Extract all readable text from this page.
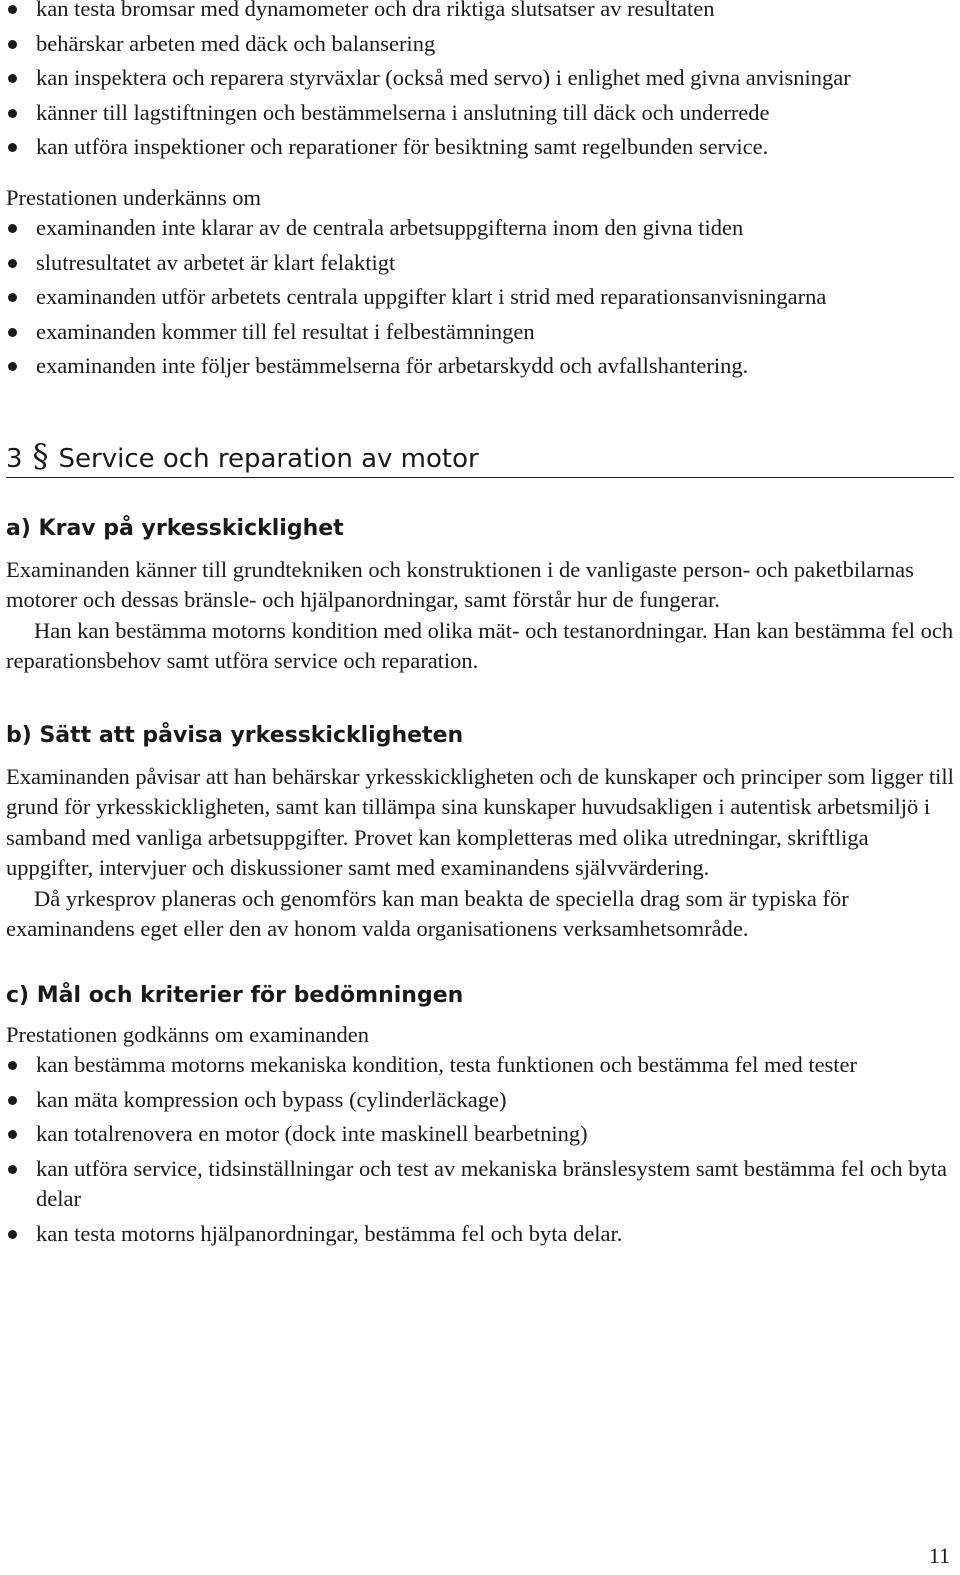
kan testa bromsar med dynamometer och dra riktiga slutsatser av resultaten
behärskar arbeten med däck och balansering
kan inspektera och reparera styrväxlar (också med servo) i enlighet med givna anvisningar
känner till lagstiftningen och bestämmelserna i anslutning till däck och underrede
kan utföra inspektioner och reparationer för besiktning samt regelbunden service.

Prestationen underkänns om

examinanden inte klarar av de centrala arbetsuppgifterna inom den givna tiden
slutresultatet av arbetet är klart felaktigt
examinanden utför arbetets centrala uppgifter klart i strid med reparationsanvisningarna
examinanden kommer till fel resultat i felbestämningen
examinanden inte följer bestämmelserna för arbetarskydd och avfallshantering.
3 § Service och reparation av motor
a) Krav på yrkesskicklighet

Examinanden känner till grundtekniken och konstruktionen i de vanligaste person- och paketbilarnas motorer och dessas bränsle- och hjälpanordningar, samt förstår hur de fungerar.

Han kan bestämma motorns kondition med olika mät- och testanordningar. Han kan bestämma fel och reparationsbehov samt utföra service och reparation.

b) Sätt att påvisa yrkesskickligheten

Examinanden påvisar att han behärskar yrkesskickligheten och de kunskaper och principer som ligger till grund för yrkesskickligheten, samt kan tillämpa sina kunskaper huvudsakligen i autentisk arbetsmiljö i samband med vanliga arbetsuppgifter. Provet kan kompletteras med olika utredningar, skriftliga uppgifter, intervjuer och diskussioner samt med examinandens självvärdering.

Då yrkesprov planeras och genomförs kan man beakta de speciella drag som är typiska för examinandens eget eller den av honom valda organisationens verksamhetsområde.

c) Mål och kriterier för bedömningen

Prestationen godkänns om examinanden

kan bestämma motorns mekaniska kondition, testa funktionen och bestämma fel med tester
kan mäta kompression och bypass (cylinderläckage)
kan totalrenovera en motor (dock inte maskinell bearbetning)
kan utföra service, tidsinställningar och test av mekaniska bränslesystem samt bestämma fel och byta delar
kan testa motorns hjälpanordningar, bestämma fel och byta delar.
11
